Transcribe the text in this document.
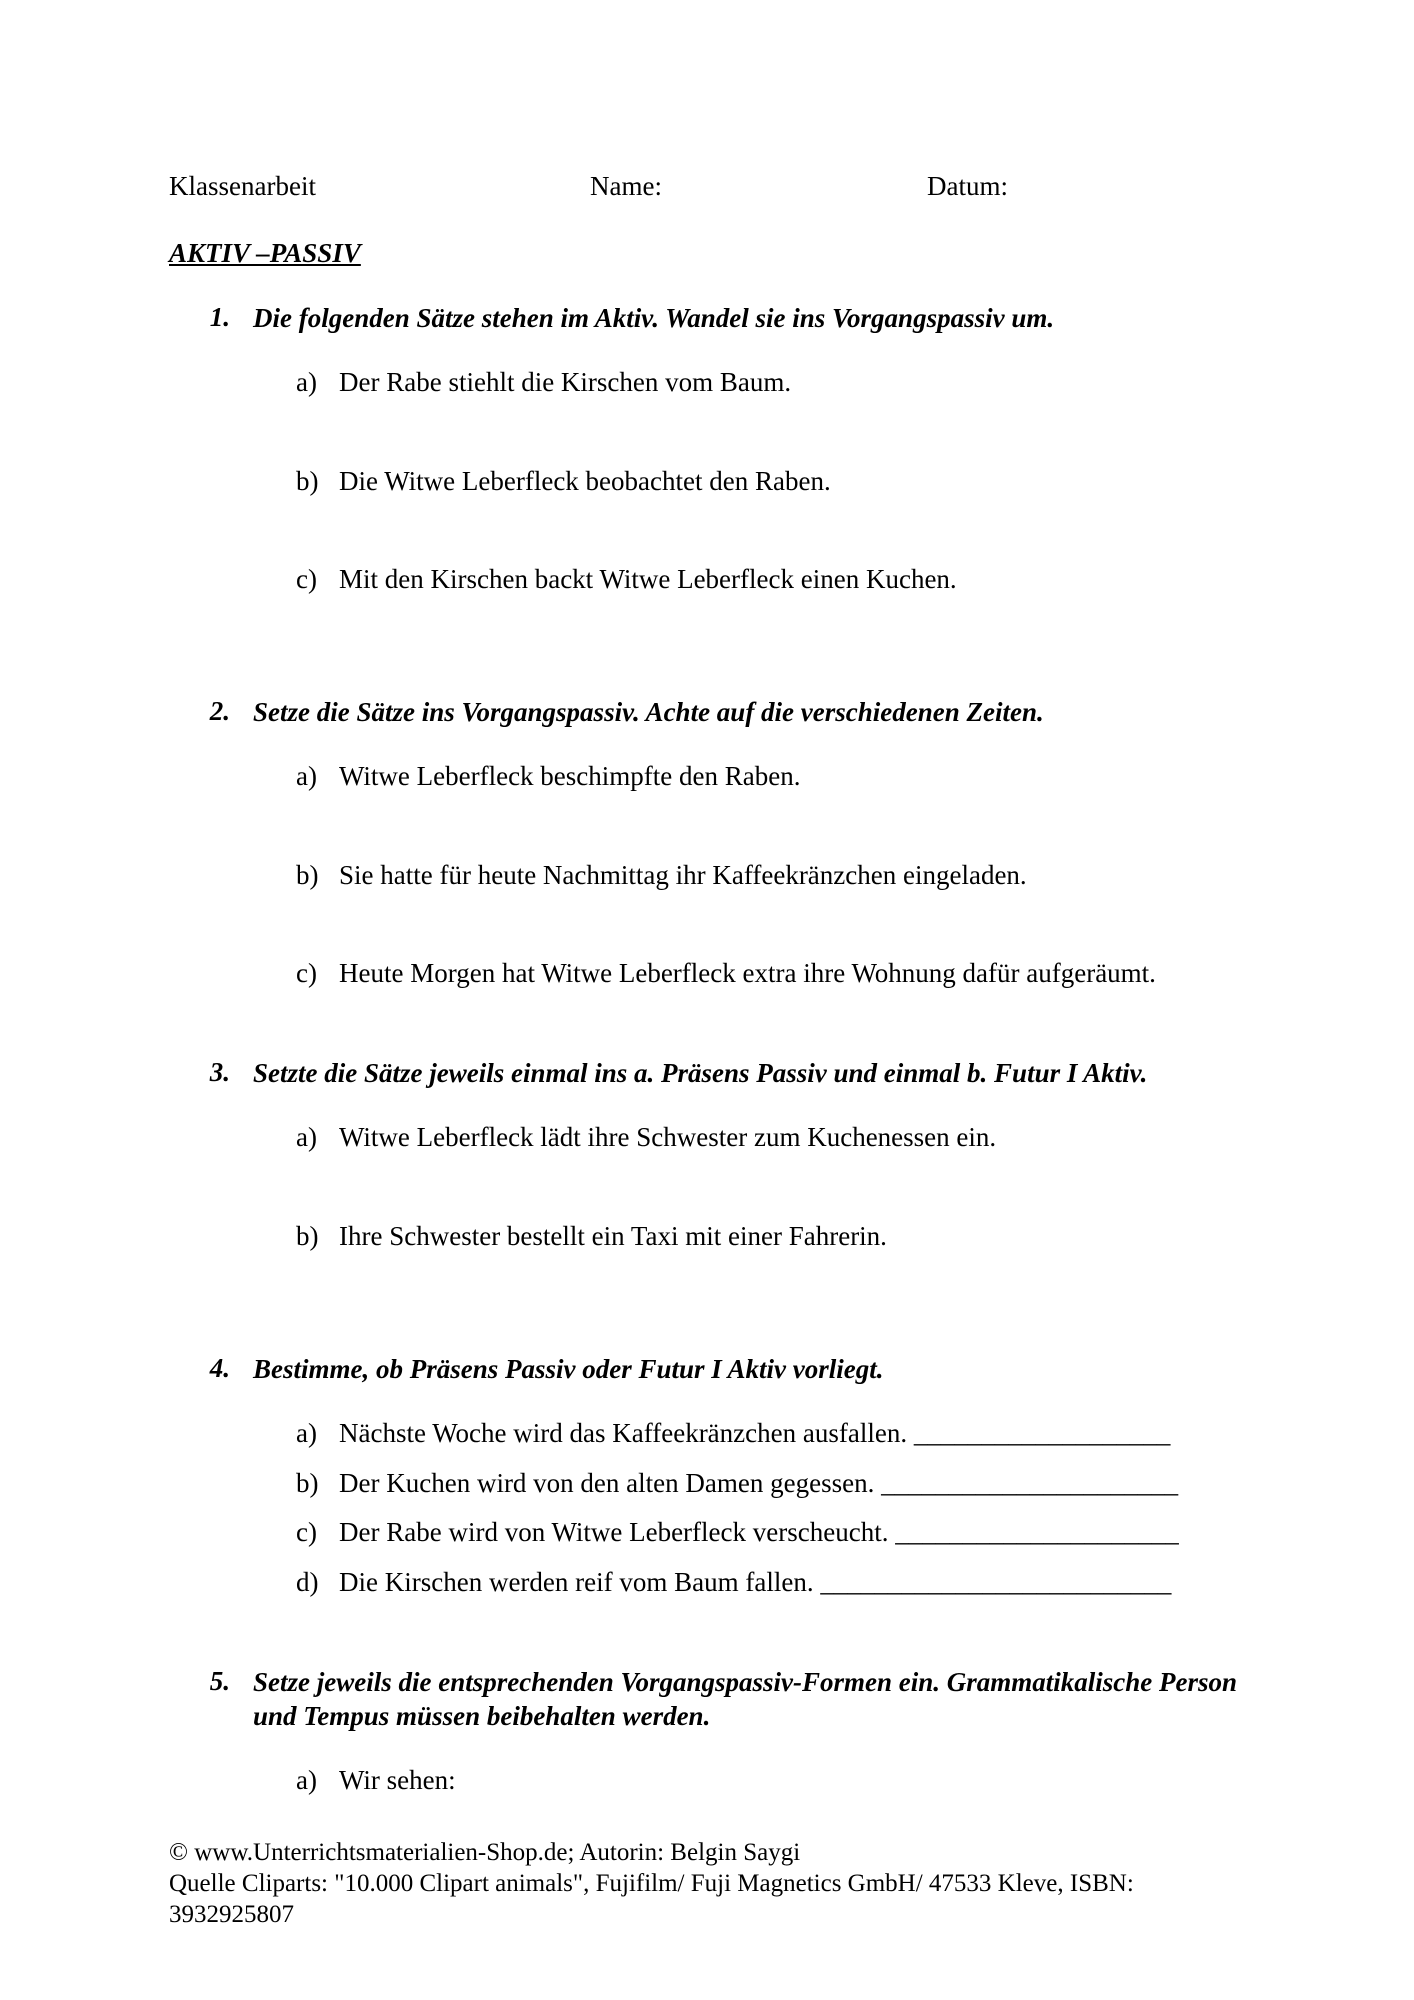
Klassenarbeit	Name:	Datum:
AKTIV –PASSIV
1. Die folgenden Sätze stehen im Aktiv. Wandel sie ins Vorgangspassiv um.
a) Der Rabe stiehlt die Kirschen vom Baum.
b) Die Witwe Leberfleck beobachtet den Raben.
c) Mit den Kirschen backt Witwe Leberfleck einen Kuchen.
2. Setze die Sätze ins Vorgangspassiv. Achte auf die verschiedenen Zeiten.
a) Witwe Leberfleck beschimpfte den Raben.
b) Sie hatte für heute Nachmittag ihr Kaffeekränzchen eingeladen.
c) Heute Morgen hat Witwe Leberfleck extra ihre Wohnung dafür aufgeräumt.
3. Setzte die Sätze jeweils einmal ins a. Präsens Passiv und einmal b. Futur I Aktiv.
a) Witwe Leberfleck lädt ihre Schwester zum Kuchenessen ein.
b) Ihre Schwester bestellt ein Taxi mit einer Fahrerin.
4. Bestimme, ob Präsens Passiv oder Futur I Aktiv vorliegt.
a) Nächste Woche wird das Kaffeekränzchen ausfallen. ___________________
b) Der Kuchen wird von den alten Damen gegessen. ______________________
c) Der Rabe wird von Witwe Leberfleck verscheucht. _____________________
d) Die Kirschen werden reif vom Baum fallen. __________________________
5. Setze jeweils die entsprechenden Vorgangspassiv-Formen ein. Grammatikalische Person und Tempus müssen beibehalten werden.
a) Wir sehen:
© www.Unterrichtsmaterialien-Shop.de; Autorin: Belgin Saygi
Quelle Cliparts: "10.000 Clipart animals", Fujifilm/ Fuji Magnetics GmbH/ 47533 Kleve, ISBN:
3932925807
